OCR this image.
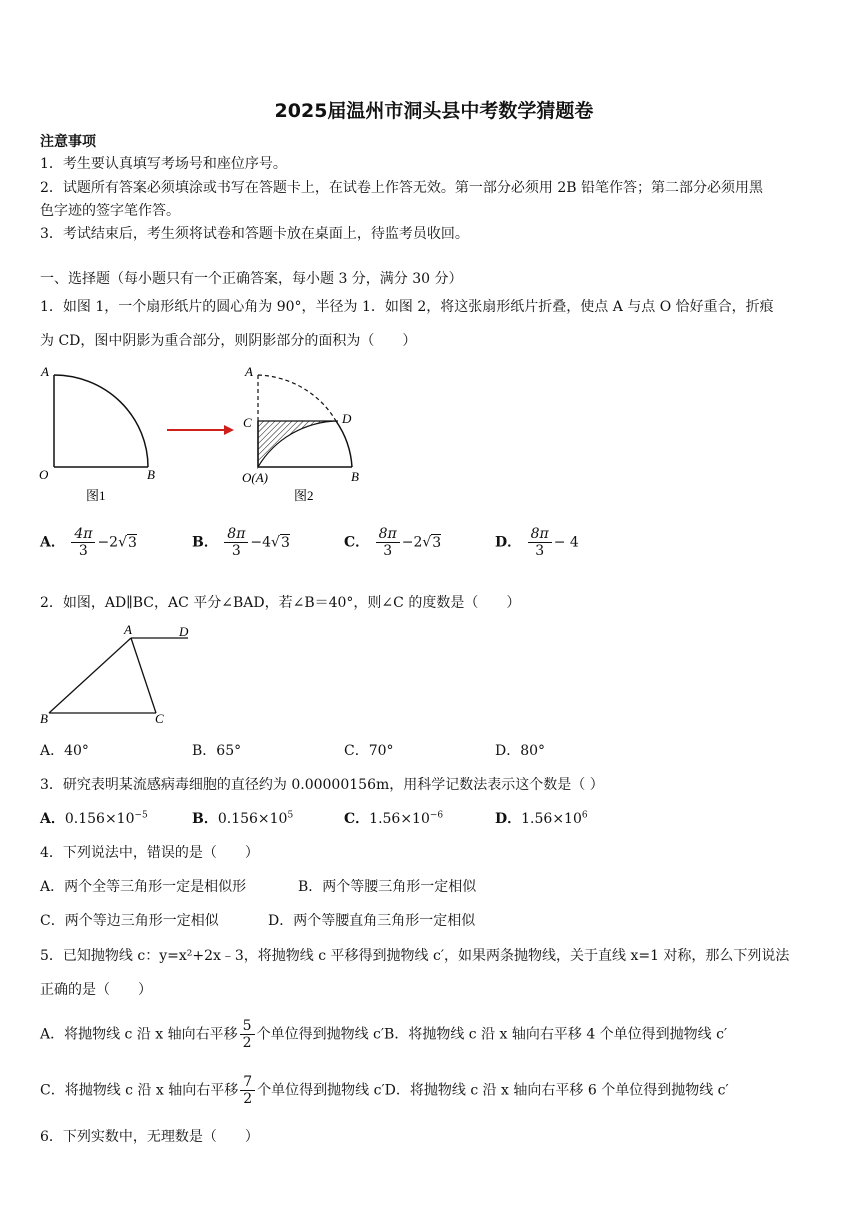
2025届温州市洞头县中考数学猜题卷
注意事项
1．考生要认真填写考场号和座位序号。
2．试题所有答案必须填涂或书写在答题卡上，在试卷上作答无效。第一部分必须用 2B 铅笔作答；第二部分必须用黑
色字迹的签字笔作答。
3．考试结束后，考生须将试卷和答题卡放在桌面上，待监考员收回。
一、选择题（每小题只有一个正确答案，每小题 3 分，满分 30 分）
1．如图 1，一个扇形纸片的圆心角为 90°，半径为 1．如图 2，将这张扇形纸片折叠，使点 A 与点 O 恰好重合，折痕
为 CD，图中阴影为重合部分，则阴影部分的面积为（　　）
A
O	B
图1
A
C	D
O(A)	B
图2
A． $\frac{4\pi}{3} -2√3$	B． $\frac{8\pi}{3} -4√3$	C． $\frac{8\pi}{3} -2√3$	D． $\frac{8\pi}{3} - 4$
2．如图，AD∥BC，AC 平分∠BAD，若∠B＝40°，则∠C 的度数是（　　）
A	D
B	C
A．40°	B．65°	C．70°	D．80°
3．研究表明某流感病毒细胞的直径约为 0.00000156m，用科学记数法表示这个数是（ ）
A．$0.156\times 10^{-5}$	B．$0.156\times 10^5$	C．$1.56\times 10^{-6}$	D．$1.56\times 10^6$
4．下列说法中，错误的是（　　）
A．两个全等三角形一定是相似形	B．两个等腰三角形一定相似
C．两个等边三角形一定相似	D．两个等腰直角三角形一定相似
5．已知抛物线 c：y=x²+2x﹣3，将抛物线 c 平移得到抛物线 c′，如果两条抛物线，关于直线 x=1 对称，那么下列说法
正确的是（　　）
A．将抛物线 c 沿 x 轴向右平移 $\frac{5}{2}$ 个单位得到抛物线 c′B．将抛物线 c 沿 x 轴向右平移 4 个单位得到抛物线 c′
C．将抛物线 c 沿 x 轴向右平移 $\frac{7}{2}$ 个单位得到抛物线 c′D．将抛物线 c 沿 x 轴向右平移 6 个单位得到抛物线 c′
6．下列实数中，无理数是（　　）
